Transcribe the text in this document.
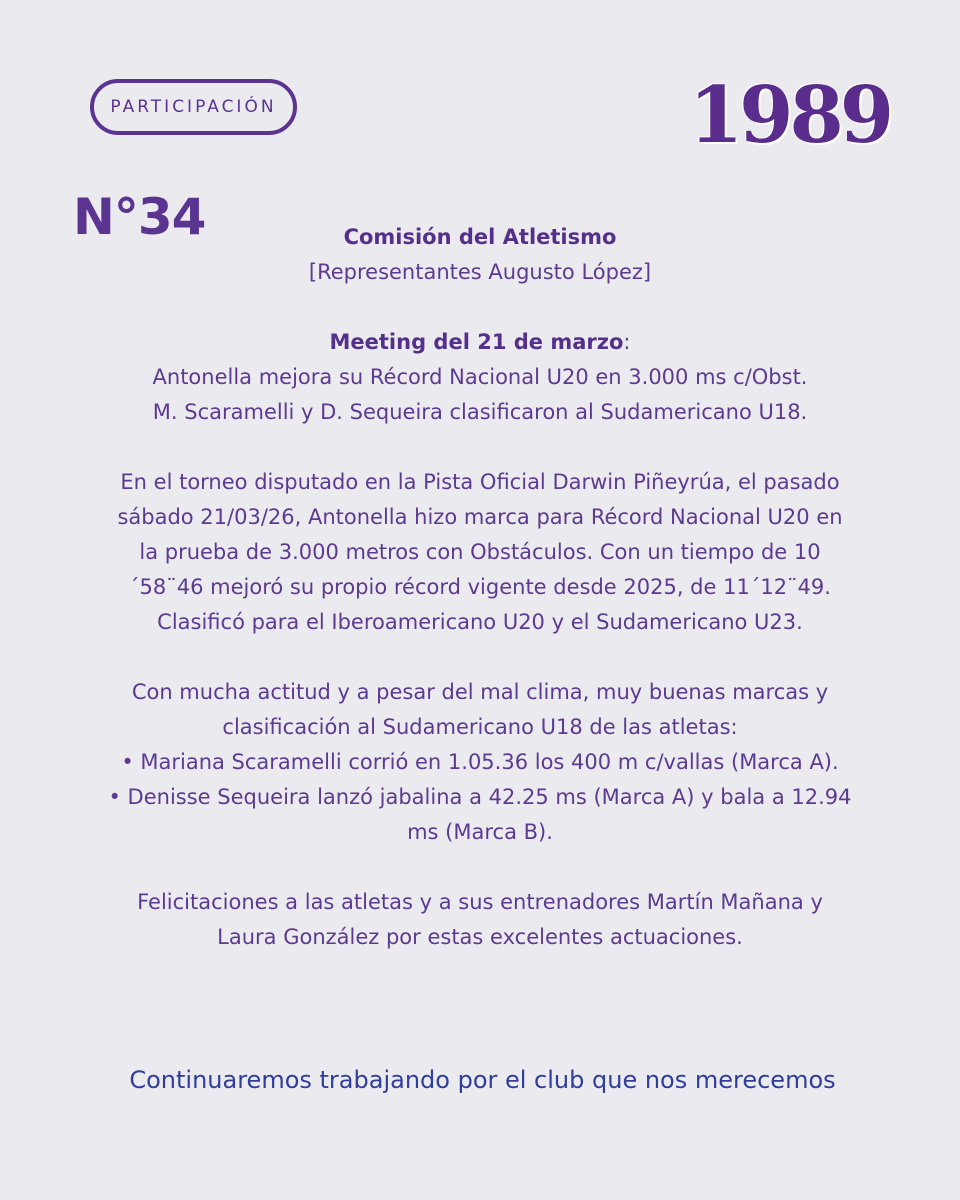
PARTICIPACIÓN	1989
N°34	Comisión del Atletismo

[Representantes Augusto López]

Meeting del 21 de marzo:

Antonella mejora su Récord Nacional U20 en 3.000 ms c/Obst.

M. Scaramelli y D. Sequeira clasificaron al Sudamericano U18.

En el torneo disputado en la Pista Oficial Darwin Piñeyrúa, el pasado

sábado 21/03/26, Antonella hizo marca para Récord Nacional U20 en

la prueba de 3.000 metros con Obstáculos. Con un tiempo de 10

´58¨46 mejoró su propio récord vigente desde 2025, de 11´12¨49.

Clasificó para el Iberoamericano U20 y el Sudamericano U23.

Con mucha actitud y a pesar del mal clima, muy buenas marcas y

clasificación al Sudamericano U18 de las atletas:

• Mariana Scaramelli corrió en 1.05.36 los 400 m c/vallas (Marca A).

• Denisse Sequeira lanzó jabalina a 42.25 ms (Marca A) y bala a 12.94

ms (Marca B).

Felicitaciones a las atletas y a sus entrenadores Martín Mañana y

Laura González por estas excelentes actuaciones.

Continuaremos trabajando por el club que nos merecemos
